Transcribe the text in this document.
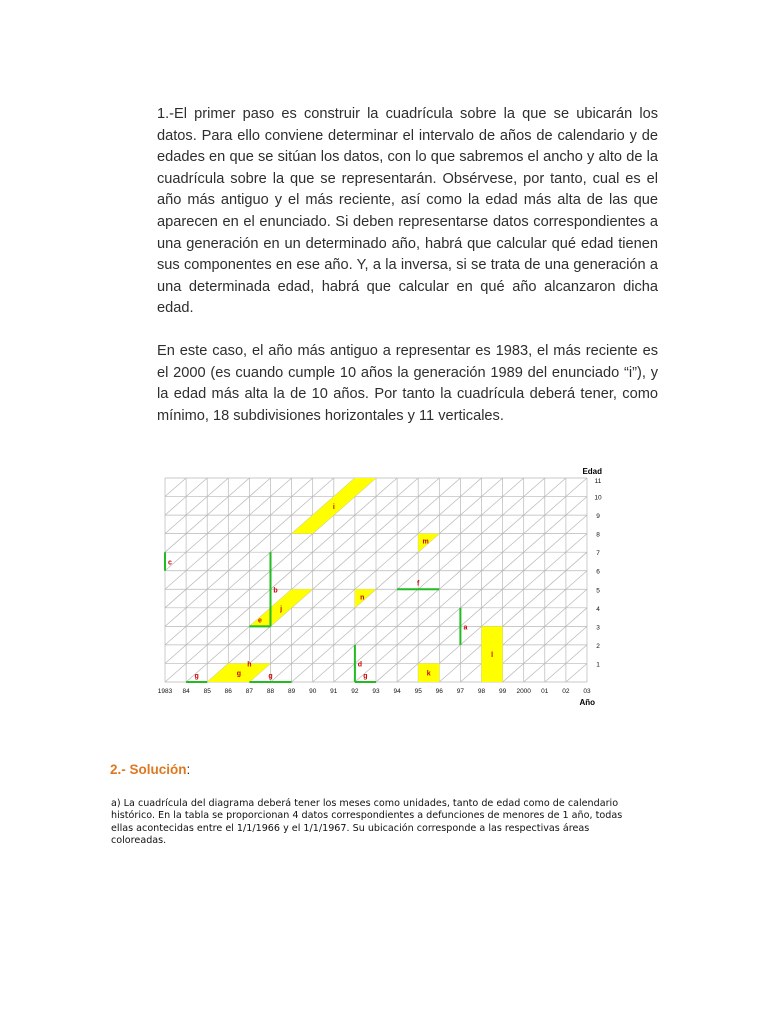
1.-El primer paso es construir la cuadrícula sobre la que se ubicarán los datos. Para ello conviene determinar el intervalo de años de calendario y de edades en que se sitúan los datos, con lo que sabremos el ancho y alto de la cuadrícula sobre la que se representarán. Obsérvese, por tanto, cual es el año más antiguo y el más reciente, así como la edad más alta de las que aparecen en el enunciado. Si deben representarse datos correspondientes a una generación en un determinado año, habrá que calcular qué edad tienen sus componentes en ese año. Y, a la inversa, si se trata de una generación a una determinada edad, habrá que calcular en qué año alcanzaron dicha edad.

En este caso, el año más antiguo a representar es 1983, el más reciente es el 2000 (es cuando cumple 10 años la generación 1989 del enunciado “i”), y la edad más alta la de 10 años. Por tanto la cuadrícula deberá tener, como mínimo, 18 subdivisiones horizontales y 11 verticales.

g
h
j
n
m
k
l
i
g	g	g
e
f
c
b
d
a
1983 84 85 86 87 88 89 90 91 92 93 94 95 96 97 98 99 2000 01 02 03
1
2
3
4
5
6
7
8
9
10
11
Edad
Año
2.- Solución:

a) La cuadrícula del diagrama deberá tener los meses como unidades, tanto de edad como de calendario histórico. En la tabla se proporcionan 4 datos correspondientes a defunciones de menores de 1 año, todas ellas acontecidas entre el 1/1/1966 y el 1/1/1967. Su ubicación corresponde a las respectivas áreas coloreadas.
